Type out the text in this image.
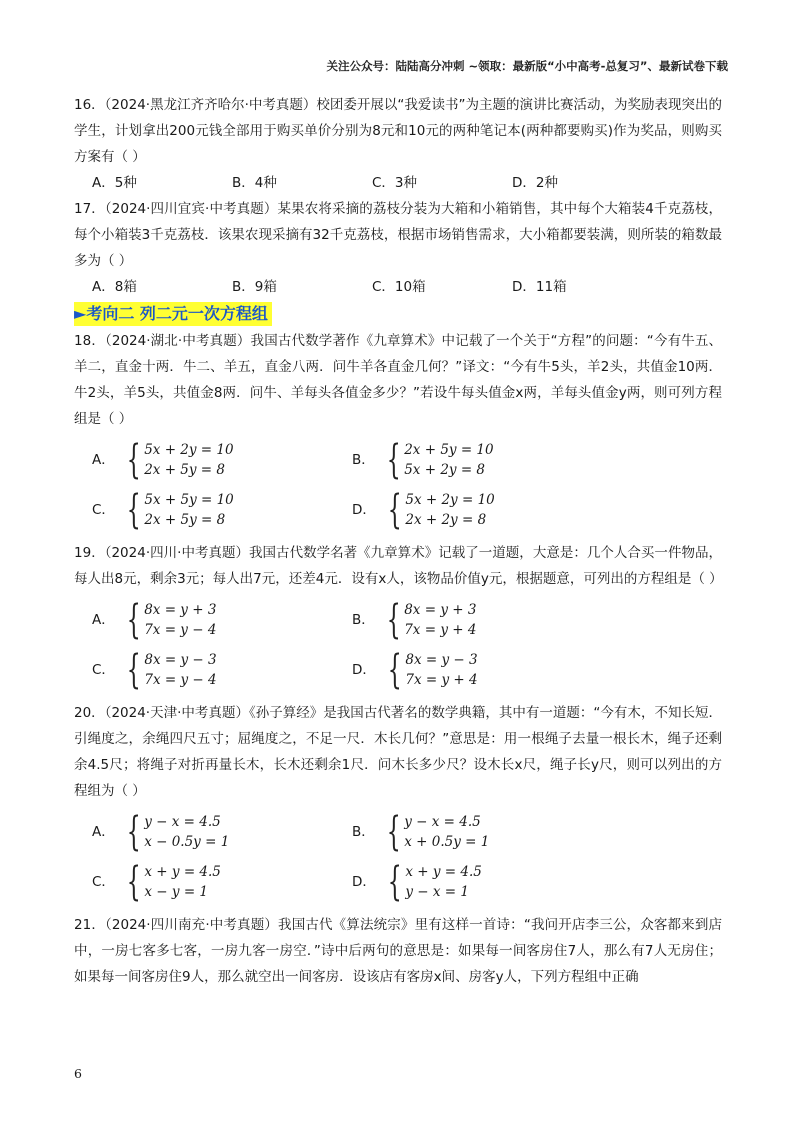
关注公众号：陆陆高分冲刺 ~领取：最新版“小中高考-总复习”、最新试卷下载

16．（2024·黑龙江齐齐哈尔·中考真题）校团委开展以“我爱读书”为主题的演讲比赛活动，为奖励表现突出的学生，计划拿出200元钱全部用于购买单价分别为8元和10元的两种笔记本(两种都要购买)作为奖品，则购买方案有（ ）

A．5种	B．4种	C．3种	D．2种

17．（2024·四川宜宾·中考真题）某果农将采摘的荔枝分装为大箱和小箱销售，其中每个大箱装4千克荔枝，每个小箱装3千克荔枝．该果农现采摘有32千克荔枝，根据市场销售需求，大小箱都要装满，则所装的箱数最多为（ ）

A．8箱	B．9箱	C．10箱	D．11箱
►考向二 列二元一次方程组

18．（2024·湖北·中考真题）我国古代数学著作《九章算术》中记载了一个关于“方程”的问题：“今有牛五、羊二，直金十两．牛二、羊五，直金八两．问牛羊各直金几何？”译文：“今有牛5头，羊2头，共值金10两．牛2头，羊5头，共值金8两．问牛、羊每头各值金多少？”若设牛每头值金x两，羊每头值金y两，则可列方程组是（ ）

A． { 5x + 2y = 10
2x + 5y = 8
B． { 2x + 5y = 10
5x + 2y = 8
C． { 5x + 5y = 10
2x + 5y = 8
D． { 5x + 2y = 10
2x + 2y = 8

19．（2024·四川·中考真题）我国古代数学名著《九章算术》记载了一道题，大意是：几个人合买一件物品，每人出8元，剩余3元；每人出7元，还差4元．设有x人，该物品价值y元，根据题意，可列出的方程组是（ ）

A． { 8x = y + 3
7x = y − 4
B． { 8x = y + 3
7x = y + 4
C． { 8x = y − 3
7x = y − 4
D． { 8x = y − 3
7x = y + 4

20．（2024·天津·中考真题）《孙子算经》是我国古代著名的数学典籍，其中有一道题：“今有木，不知长短．引绳度之，余绳四尺五寸；屈绳度之，不足一尺．木长几何？”意思是：用一根绳子去量一根长木，绳子还剩余4.5尺；将绳子对折再量长木，长木还剩余1尺．问木长多少尺？设木长x尺，绳子长y尺，则可以列出的方程组为（ ）

A． { y − x = 4.5
x − 0.5y = 1
B． { y − x = 4.5
x + 0.5y = 1
C． { x + y = 4.5
x − y = 1
D． { x + y = 4.5
y − x = 1

21．（2024·四川南充·中考真题）我国古代《算法统宗》里有这样一首诗：“我问开店李三公，众客都来到店中，一房七客多七客，一房九客一房空．”诗中后两句的意思是：如果每一间客房住7人，那么有7人无房住；如果每一间客房住9人，那么就空出一间客房．设该店有客房x间、房客y人，下列方程组中正确

6
